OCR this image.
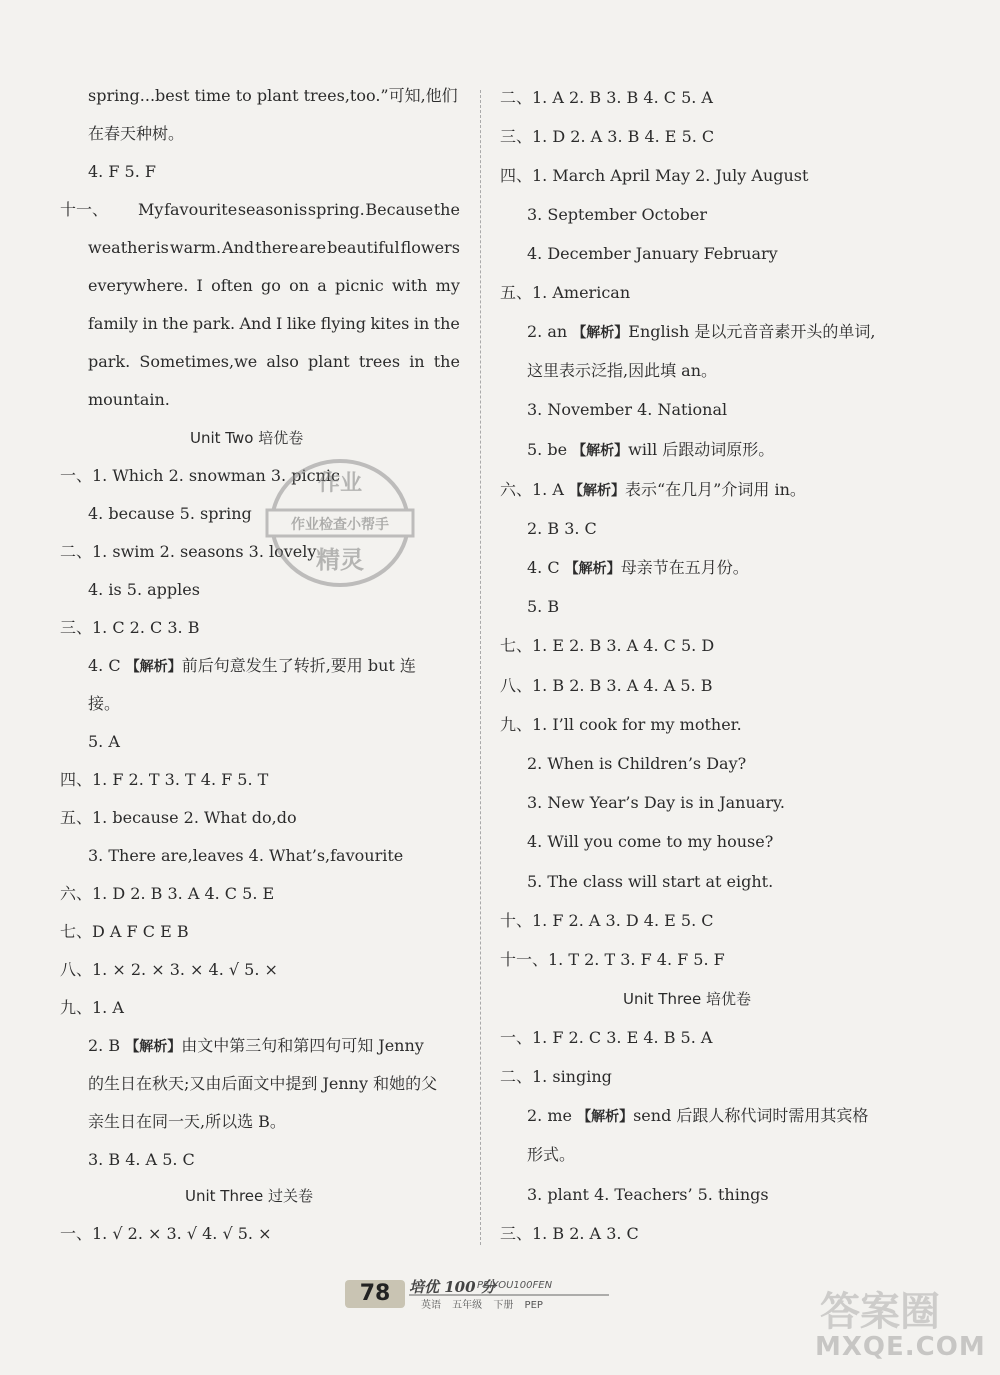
spring...best time to plant trees,too.”可知,他们
在春天种树。
4. F 5. F
十一、 My favourite season is spring. Because the
weather is warm. And there are beautiful flowers
everywhere. I often go on a picnic with my
family in the park. And I like flying kites in the
park. Sometimes,we also plant trees in the
mountain.
Unit Two 培优卷
一、1. Which 2. snowman 3. picnic
4. because 5. spring
二、1. swim 2. seasons 3. lovely
4. is 5. apples
三、1. C 2. C 3. B
4. C 【解析】前后句意发生了转折,要用 but 连
接。
5. A
四、1. F 2. T 3. T 4. F 5. T
五、1. because 2. What do,do
3. There are,leaves 4. What’s,favourite
六、1. D 2. B 3. A 4. C 5. E
七、D A F C E B
八、1. × 2. × 3. × 4. √ 5. ×
九、1. A
2. B 【解析】由文中第三句和第四句可知 Jenny
的生日在秋天;又由后面文中提到 Jenny 和她的父
亲生日在同一天,所以选 B。
3. B 4. A 5. C
Unit Three 过关卷
一、1. √ 2. × 3. √ 4. √ 5. ×
二、1. A 2. B 3. B 4. C 5. A
三、1. D 2. A 3. B 4. E 5. C
四、1. March April May 2. July August
3. September October
4. December January February
五、1. American
2. an 【解析】English 是以元音音素开头的单词,
这里表示泛指,因此填 an。
3. November 4. National
5. be 【解析】will 后跟动词原形。
六、1. A 【解析】表示“在几月”介词用 in。
2. B 3. C
4. C 【解析】母亲节在五月份。
5. B
七、1. E 2. B 3. A 4. C 5. D
八、1. B 2. B 3. A 4. A 5. B
九、1. I’ll cook for my mother.
2. When is Children’s Day?
3. New Year’s Day is in January.
4. Will you come to my house?
5. The class will start at eight.
十、1. F 2. A 3. D 4. E 5. C
十一、1. T 2. T 3. F 4. F 5. F
Unit Three 培优卷
一、1. F 2. C 3. E 4. B 5. A
二、1. singing
2. me 【解析】send 后跟人称代词时需用其宾格
形式。
3. plant 4. Teachers’ 5. things
三、1. B 2. A 3. C
作业
作业检查小帮手
精灵
78	培优 100 分
PEIYOU100FEN
英语 五年级 下册 PEP	答案圈
MXQE.COM
